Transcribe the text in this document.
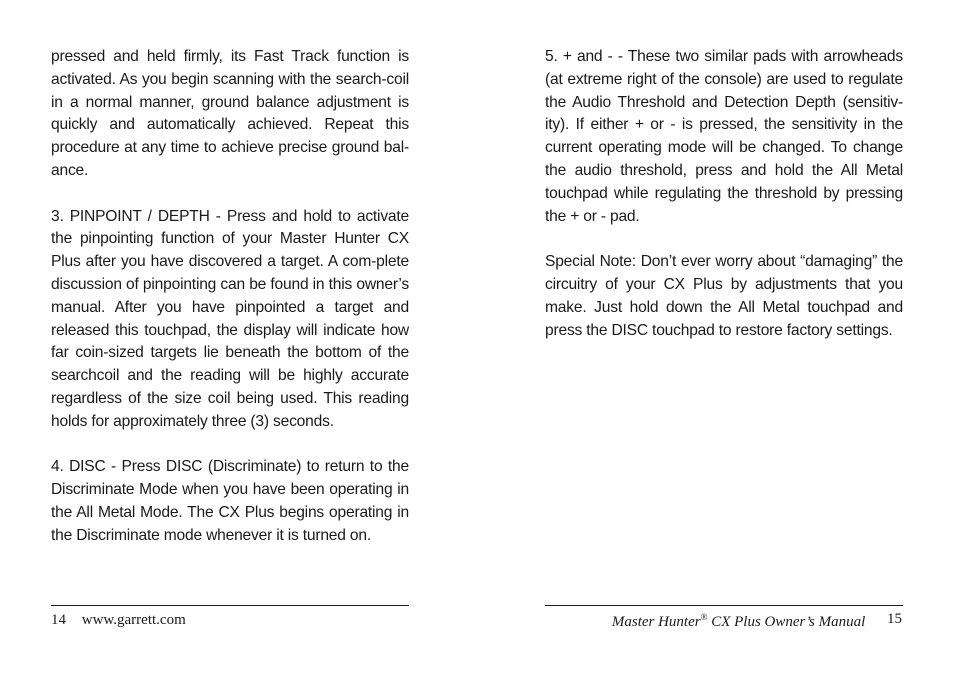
pressed and held firmly, its Fast Track function is activated. As you begin scanning with the search-coil in a normal manner, ground balance adjustment is quickly and automatically achieved. Repeat this procedure at any time to achieve precise ground bal-ance.

3. PINPOINT / DEPTH - Press and hold to activate the pinpointing function of your Master Hunter CX Plus after you have discovered a target. A com-plete discussion of pinpointing can be found in this owner’s manual. After you have pinpointed a target and released this touchpad, the display will indicate how far coin-sized targets lie beneath the bottom of the searchcoil and the reading will be highly accurate regardless of the size coil being used. This reading holds for approximately three (3) seconds.

4. DISC - Press DISC (Discriminate) to return to the Discriminate Mode when you have been operating in the All Metal Mode. The CX Plus begins operating in the Discriminate mode whenever it is turned on.

14 www.garrett.com

5. + and - - These two similar pads with arrowheads (at extreme right of the console) are used to regulate the Audio Threshold and Detection Depth (sensitiv-ity). If either + or - is pressed, the sensitivity in the current operating mode will be changed. To change the audio threshold, press and hold the All Metal touchpad while regulating the threshold by pressing the + or - pad.

Special Note: Don’t ever worry about “damaging” the circuitry of your CX Plus by adjustments that you make. Just hold down the All Metal touchpad and press the DISC touchpad to restore factory settings.

Master Hunter® CX Plus Owner’s Manual 15
